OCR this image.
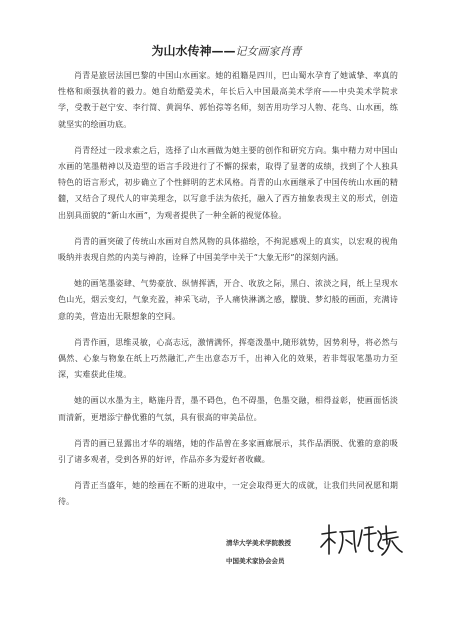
为山水传神——记女画家肖青

肖青是旅居法国巴黎的中国山水画家。她的祖籍是四川，巴山蜀水孕育了她诚挚、率真的性格和顽强执着的毅力。她自幼酷爱美术，年长后入中国最高美术学府——中央美术学院求学，受教于赵宁安、李行简、黄润华、郭怡孮等名师，刻苦用功学习人物、花鸟、山水画，练就坚实的绘画功底。

肖青经过一段求索之后，选择了山水画做为她主要的创作和研究方向。集中精力对中国山水画的笔墨精神以及造型的语言手段进行了不懈的探索，取得了显著的成绩，找到了个人独具特色的语言形式，初步确立了个性鲜明的艺术风格。肖青的山水画继承了中国传统山水画的精髓，又结合了现代人的审美理念，以写意手法为依托，融入了西方抽象表现主义的形式，创造出别具面貌的“新山水画”，为观者提供了一种全新的视觉体验。

肖青的画突破了传统山水画对自然风物的具体描绘，不拘泥感观上的真实，以宏观的视角吸纳并表现自然的内美与神韵，诠释了中国美学中关于“大象无形”的深刻内涵。

她的画笔墨姿肆、气势豪放、纵情挥洒，开合、收放之际，黑白、浓淡之间，纸上呈现水色山光，烟云变幻，气象充盈，神采飞动，予人痛快淋漓之感，朦胧、梦幻般的画面，充满诗意的美，营造出无限想象的空间。

肖青作画，思维灵敏，心高志远，激情满怀，挥毫泼墨中,随形就势，因势利导，将必然与偶然、心象与物象在纸上巧然融汇,产生出意态万千，出神入化的效果，若非驾驭笔墨功力至深，实难获此佳境。

她的画以水墨为主，略施丹青，墨不碍色，色不碍墨，色墨交融，相得益彰，使画面恬淡而清新，更增添宁静优雅的气氛，具有很高的审美品位。

肖青的画已显露出才华的端绪，她的作品曾在多家画廊展示，其作品洒脱、优雅的意韵吸引了诸多观者，受到各界的好评，作品亦多为爱好者收藏。

肖青正当盛年，她的绘画在不断的进取中，一定会取得更大的成就，让我们共同祝愿和期待。

清华大学美术学院教授
中国美术家协会会员
